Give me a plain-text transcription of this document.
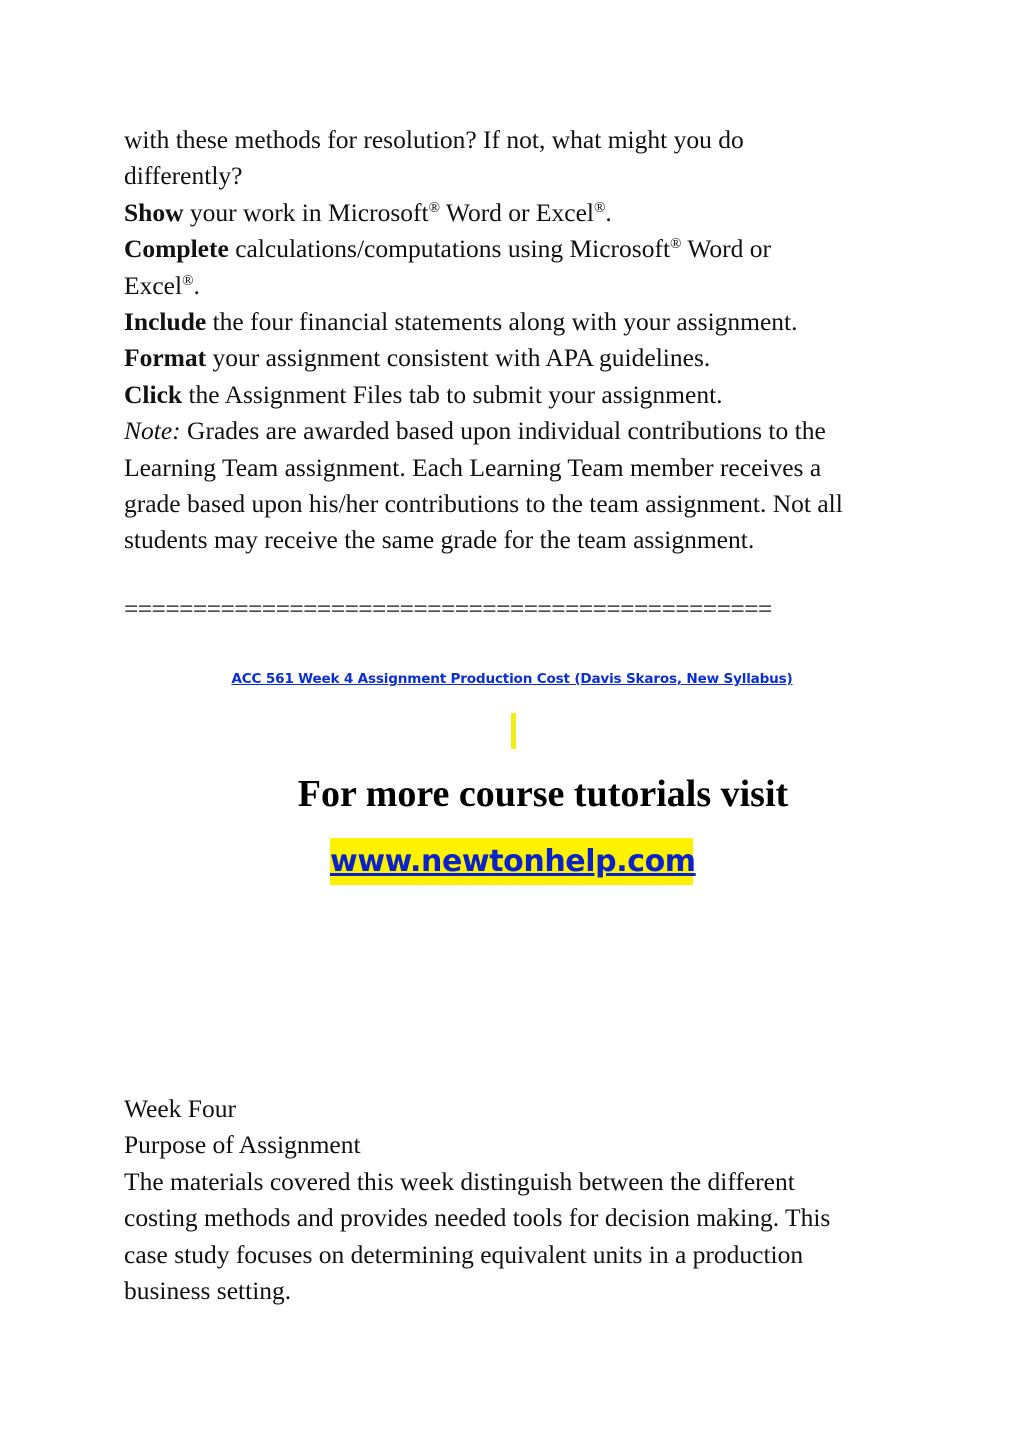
with these methods for resolution? If not, what might you do
differently?
Show your work in Microsoft® Word or Excel®.
Complete calculations/computations using Microsoft® Word or
Excel®.
Include the four financial statements along with your assignment.
Format your assignment consistent with APA guidelines.
Click the Assignment Files tab to submit your assignment.
Note: Grades are awarded based upon individual contributions to the
Learning Team assignment. Each Learning Team member receives a
grade based upon his/her contributions to the team assignment. Not all
students may receive the same grade for the team assignment.
===============================================
ACC 561 Week 4 Assignment Production Cost (Davis Skaros, New Syllabus)
For more course tutorials visit
www.newtonhelp.com
Week Four
Purpose of Assignment
The materials covered this week distinguish between the different
costing methods and provides needed tools for decision making. This
case study focuses on determining equivalent units in a production
business setting.
